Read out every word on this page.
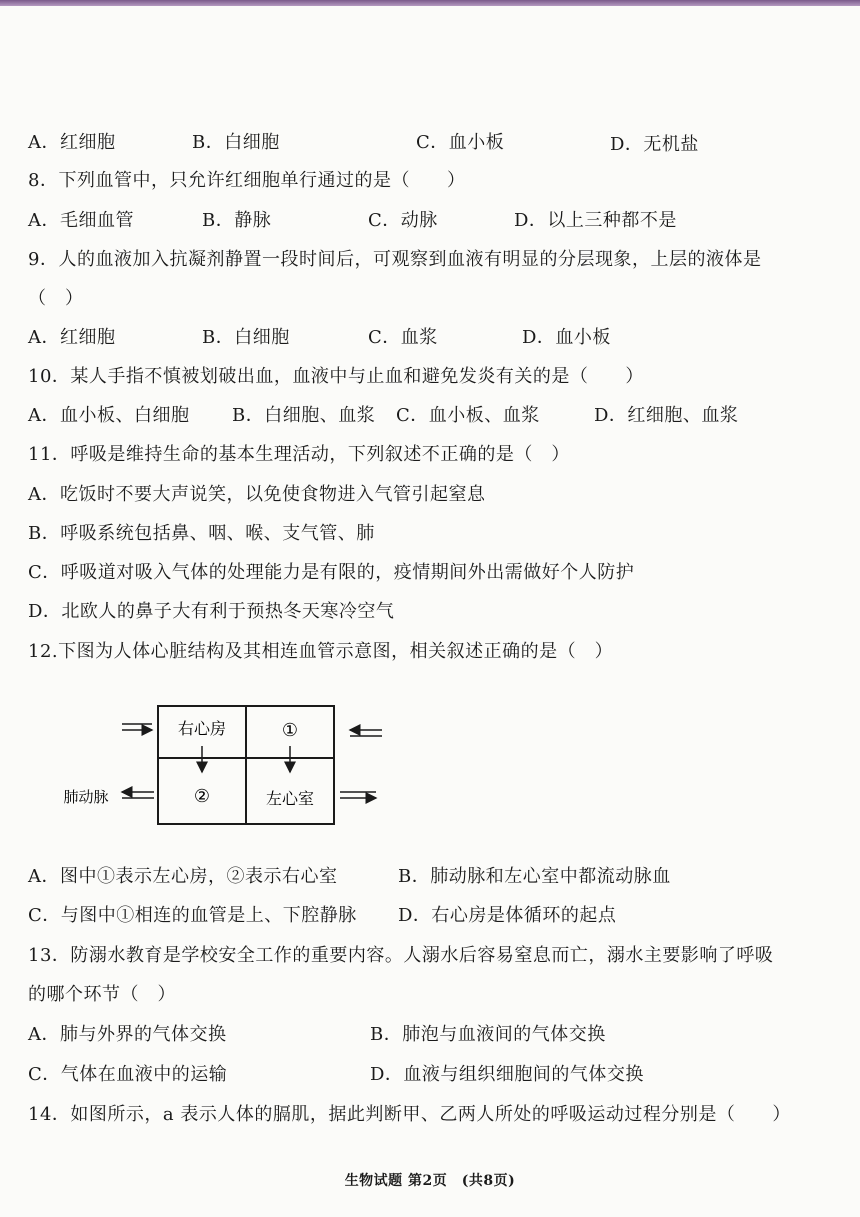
A．红细胞	B．白细胞	C．血小板	D．无机盐
8．下列血管中，只允许红细胞单行通过的是（　　）
A．毛细血管	B．静脉	C．动脉	D．以上三种都不是
9．人的血液加入抗凝剂静置一段时间后，可观察到血液有明显的分层现象，上层的液体是
（　）
A．红细胞	B．白细胞	C．血浆	D．血小板
10．某人手指不慎被划破出血，血液中与止血和避免发炎有关的是（　　）
A．血小板、白细胞 B．白细胞、血浆 C．血小板、血浆	D．红细胞、血浆
11．呼吸是维持生命的基本生理活动，下列叙述不正确的是（　）
A．吃饭时不要大声说笑，以免使食物进入气管引起窒息
B．呼吸系统包括鼻、咽、喉、支气管、肺
C．呼吸道对吸入气体的处理能力是有限的，疫情期间外出需做好个人防护
D．北欧人的鼻子大有利于预热冬天寒冷空气
12.下图为人体心脏结构及其相连血管示意图，相关叙述正确的是（　）
右心房	①
②	左心室
肺动脉
A．图中①表示左心房，②表示右心室	B．肺动脉和左心室中都流动脉血
C．与图中①相连的血管是上、下腔静脉 D．右心房是体循环的起点
13．防溺水教育是学校安全工作的重要内容。人溺水后容易窒息而亡，溺水主要影响了呼吸
的哪个环节（　）
A．肺与外界的气体交换	B．肺泡与血液间的气体交换
C．气体在血液中的运输	D．血液与组织细胞间的气体交换
14．如图所示，a 表示人体的膈肌，据此判断甲、乙两人所处的呼吸运动过程分别是（　　）
生物试题 第2页　(共8页)
